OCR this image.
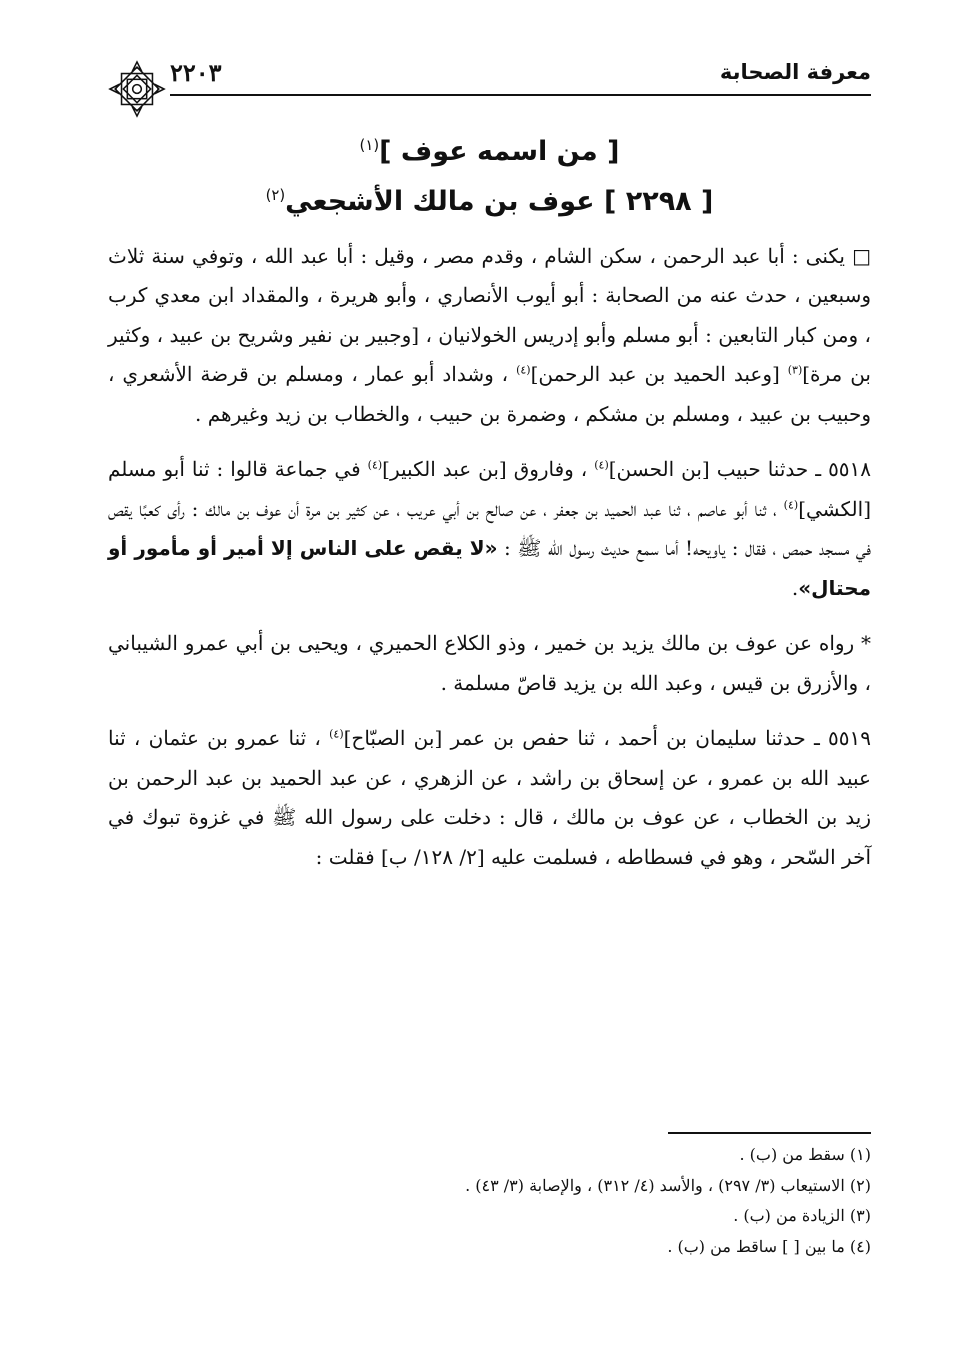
معرفة الصحابة
٢٢٠٣
[ من اسمه عوف ]$^{(١)}$
[ ٢٢٩٨ ] عوف بن مالك الأشجعي$^{(٢)}$

□ يكنى : أبا عبد الرحمن ، سكن الشام ، وقدم مصر ، وقيل : أبا عبد الله ، وتوفي سنة ثلاث وسبعين ، حدث عنه من الصحابة : أبو أيوب الأنصاري ، وأبو هريرة ، والمقداد ابن معدي كرب ، ومن كبار التابعين : أبو مسلم وأبو إدريس الخولانيان ، [وجبير بن نفير وشريح بن عبيد ، وكثير بن مرة]$^{(٣)}$ [وعبد الحميد بن عبد الرحمن]$^{(٤)}$ ، وشداد أبو عمار ، ومسلم بن قرضة الأشعري ، وحبيب بن عبيد ، ومسلم بن مشكم ، وضمرة بن حبيب ، والخطاب بن زيد وغيرهم .

٥٥١٨ ـ حدثنا حبيب [بن الحسن]$^{(٤)}$ ، وفاروق [بن عبد الكبير]$^{(٤)}$ في جماعة قالوا : ثنا أبو مسلم [الكشي]$^{(٤)}$ ، ثنا أبو عاصم ، ثنا عبد الحميد بن جعفر ، عن صالح بن أبي عريب ، عن كثير بن مرة أن عوف بن مالك : رأى كعبًا يقص في مسجد حمص ، فقال : ياويحه! أما سمع حديث رسول الله ﷺ : «لا يقص على الناس إلا أمير أو مأمور أو محتال».

* رواه عن عوف بن مالك يزيد بن خمير ، وذو الكلاع الحميري ، ويحيى بن أبي عمرو الشيباني ، والأزرق بن قيس ، وعبد الله بن يزيد قاصّ مسلمة .

٥٥١٩ ـ حدثنا سليمان بن أحمد ، ثنا حفص بن عمر [بن الصبّاح]$^{(٤)}$ ، ثنا عمرو بن عثمان ، ثنا عبيد الله بن عمرو ، عن إسحاق بن راشد ، عن الزهري ، عن عبد الحميد بن عبد الرحمن بن زيد بن الخطاب ، عن عوف بن مالك ، قال : دخلت على رسول الله ﷺ في غزوة تبوك في آخر السّحر ، وهو في فسطاطه ، فسلمت عليه [٢/ ١٢٨/ ب] فقلت :

(١) سقط من (ب) .
(٢) الاستيعاب (٣/ ٢٩٧) ، والأسد (٤/ ٣١٢) ، والإصابة (٣/ ٤٣) .
(٣) الزيادة من (ب) .
(٤) ما بين [ ] ساقط من (ب) .
